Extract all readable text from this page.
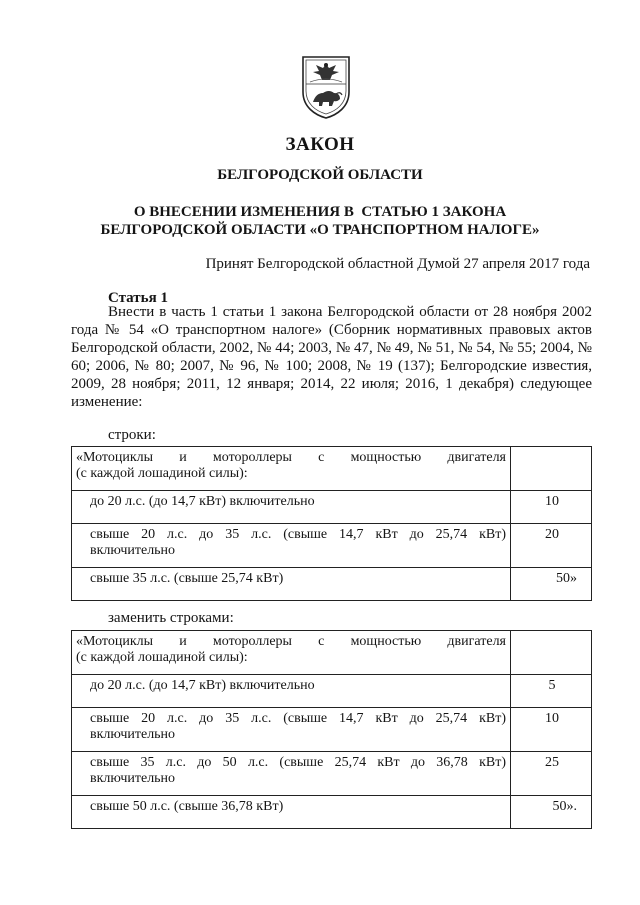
ЗАКОН
БЕЛГОРОДСКОЙ ОБЛАСТИ
О ВНЕСЕНИИ ИЗМЕНЕНИЯ В  СТАТЬЮ 1 ЗАКОНА
БЕЛГОРОДСКОЙ ОБЛАСТИ «О ТРАНСПОРТНОМ НАЛОГЕ»
Принят Белгородской областной Думой 27 апреля 2017 года
Статья 1

Внести в часть 1 статьи 1 закона Белгородской области от 28 ноября 2002 года № 54 «О транспортном налоге» (Сборник нормативных правовых актов Белгородской области, 2002, № 44; 2003, № 47, № 49, № 51, № 54, № 55; 2004, № 60; 2006, № 80; 2007, № 96, № 100; 2008, № 19 (137); Белгородские известия, 2009, 28 ноября; 2011, 12 января; 2014, 22 июля; 2016, 1 декабря) следующее изменение:

строки:
«Мотоциклы и мотороллеры с мощностью двигателя
(с каждой лошадиной силы):	

до 20 л.с. (до 14,7 кВт) включительно	10

свыше 20 л.с. до 35 л.с. (свыше 14,7 кВт до 25,74 кВт)
включительно	20
свыше 35 л.с. (свыше 25,74 кВт)	50»
заменить строками:
«Мотоциклы и мотороллеры с мощностью двигателя
(с каждой лошадиной силы):	

до 20 л.с. (до 14,7 кВт) включительно	5

свыше 20 л.с. до 35 л.с. (свыше 14,7 кВт до 25,74 кВт)
включительно	10

свыше 35 л.с. до 50 л.с. (свыше 25,74 кВт до 36,78 кВт)
включительно	25
свыше 50 л.с. (свыше 36,78 кВт)	50».
